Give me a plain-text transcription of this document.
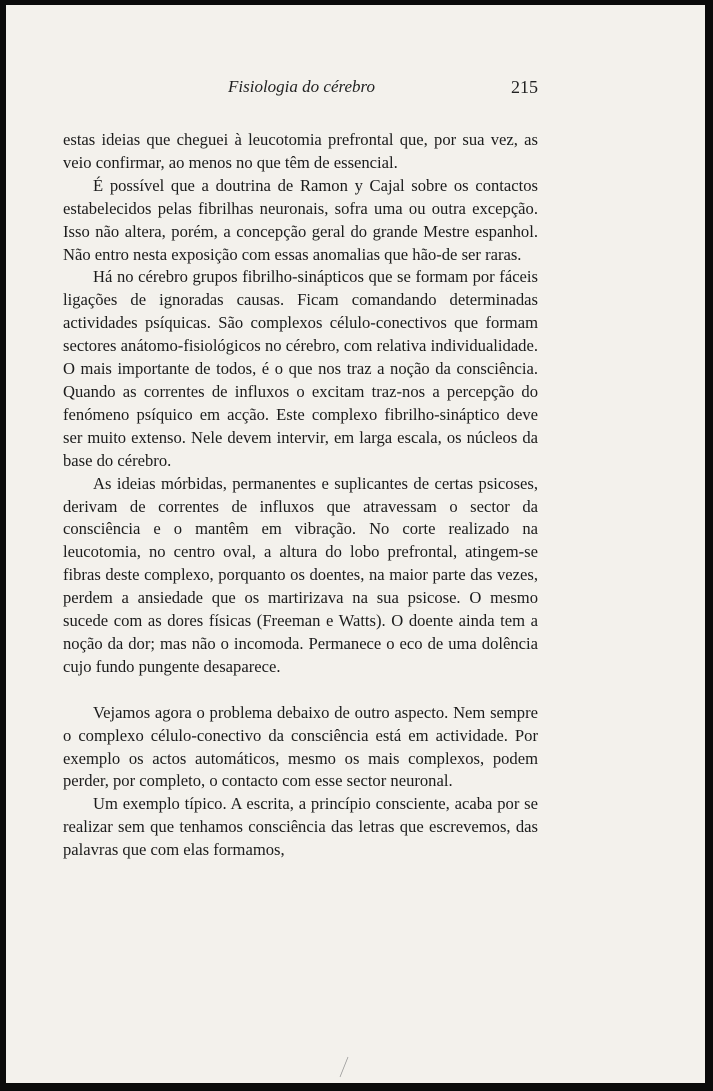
Fisiologia do cérebro	215

estas ideias que cheguei à leucotomia prefrontal que, por sua vez, as veio confirmar, ao menos no que têm de essencial.

É possível que a doutrina de Ramon y Cajal sobre os contactos estabelecidos pelas fibrilhas neuronais, sofra uma ou outra excepção. Isso não altera, porém, a concepção geral do grande Mestre espanhol. Não entro nesta exposição com essas anomalias que hão-de ser raras.

Há no cérebro grupos fibrilho-sinápticos que se formam por fáceis ligações de ignoradas causas. Ficam comandando determinadas actividades psíquicas. São complexos célulo-conectivos que formam sectores anátomo-fisiológicos no cérebro, com relativa individualidade. O mais importante de todos, é o que nos traz a noção da consciência. Quando as correntes de influxos o excitam traz-nos a percepção do fenómeno psíquico em acção. Este complexo fibrilho-sináptico deve ser muito extenso. Nele devem intervir, em larga escala, os núcleos da base do cérebro.

As ideias mórbidas, permanentes e suplicantes de certas psicoses, derivam de correntes de influxos que atravessam o sector da consciência e o mantêm em vibração. No corte realizado na leucotomia, no centro oval, a altura do lobo prefrontal, atingem-se fibras deste complexo, porquanto os doentes, na maior parte das vezes, perdem a ansiedade que os martirizava na sua psicose. O mesmo sucede com as dores físicas (Freeman e Watts). O doente ainda tem a noção da dor; mas não o incomoda. Permanece o eco de uma dolência cujo fundo pungente desaparece.

Vejamos agora o problema debaixo de outro aspecto. Nem sempre o complexo célulo-conectivo da consciência está em actividade. Por exemplo os actos automáticos, mesmo os mais complexos, podem perder, por completo, o contacto com esse sector neuronal.

Um exemplo típico. A escrita, a princípio consciente, acaba por se realizar sem que tenhamos consciência das letras que escrevemos, das palavras que com elas formamos,
